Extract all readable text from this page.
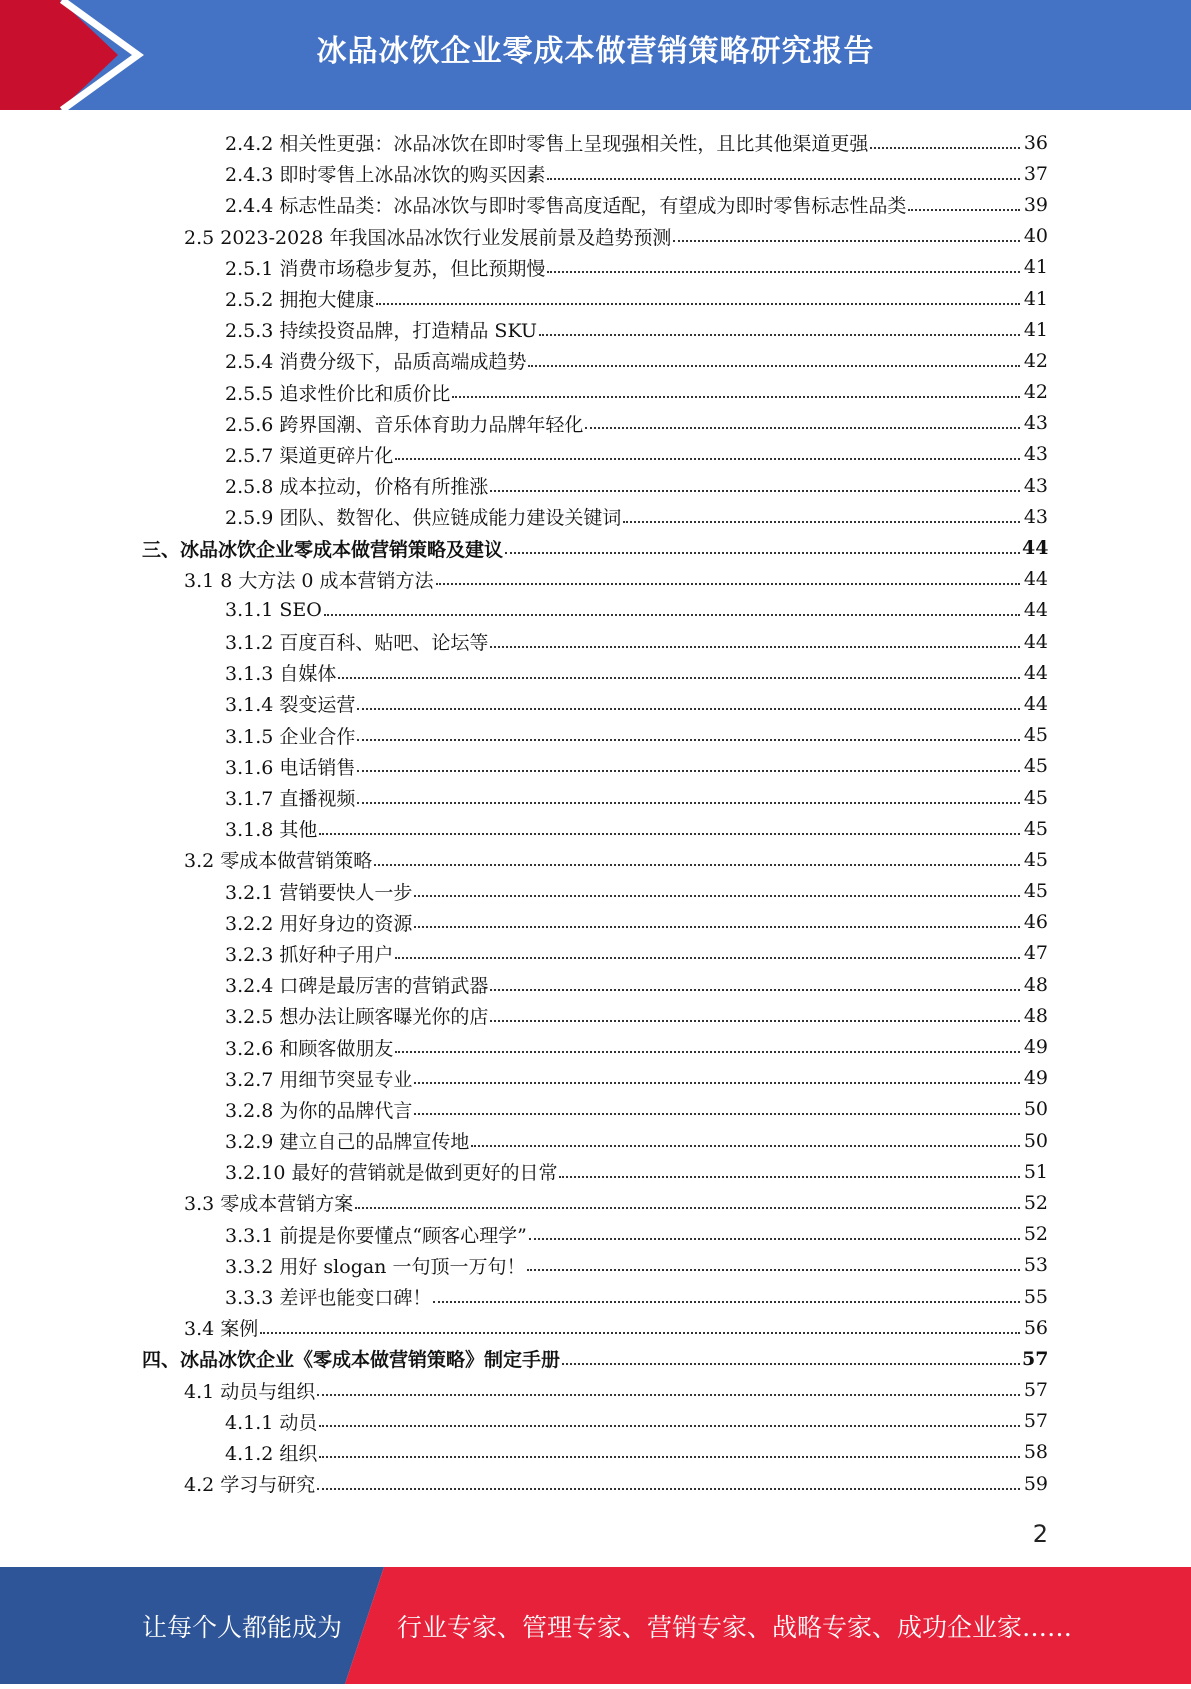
冰品冰饮企业零成本做营销策略研究报告
2.4.2 相关性更强：冰品冰饮在即时零售上呈现强相关性，且比其他渠道更强	36
2.4.3 即时零售上冰品冰饮的购买因素	37
2.4.4 标志性品类：冰品冰饮与即时零售高度适配，有望成为即时零售标志性品类	39
2.5 2023-2028 年我国冰品冰饮行业发展前景及趋势预测	40
2.5.1 消费市场稳步复苏，但比预期慢	41
2.5.2 拥抱大健康	41
2.5.3 持续投资品牌，打造精品 SKU	41
2.5.4 消费分级下，品质高端成趋势	42
2.5.5 追求性价比和质价比	42
2.5.6 跨界国潮、音乐体育助力品牌年轻化	43
2.5.7 渠道更碎片化	43
2.5.8 成本拉动，价格有所推涨	43
2.5.9 团队、数智化、供应链成能力建设关键词	43
三、冰品冰饮企业零成本做营销策略及建议	44
3.1 8 大方法 0 成本营销方法	44
3.1.1 SEO	44
3.1.2 百度百科、贴吧、论坛等	44
3.1.3 自媒体	44
3.1.4 裂变运营	44
3.1.5 企业合作	45
3.1.6 电话销售	45
3.1.7 直播视频	45
3.1.8 其他	45
3.2 零成本做营销策略	45
3.2.1 营销要快人一步	45
3.2.2 用好身边的资源	46
3.2.3 抓好种子用户	47
3.2.4 口碑是最厉害的营销武器	48
3.2.5 想办法让顾客曝光你的店	48
3.2.6 和顾客做朋友	49
3.2.7 用细节突显专业	49
3.2.8 为你的品牌代言	50
3.2.9 建立自己的品牌宣传地	50
3.2.10 最好的营销就是做到更好的日常	51
3.3 零成本营销方案	52
3.3.1 前提是你要懂点“顾客心理学”	52
3.3.2 用好 slogan 一句顶一万句！	53
3.3.3 差评也能变口碑！	55
3.4 案例	56
四、冰品冰饮企业《零成本做营销策略》制定手册	57
4.1 动员与组织	57
4.1.1 动员	57
4.1.2 组织	58
4.2 学习与研究	59
2
让每个人都能成为 行业专家、管理专家、营销专家、战略专家、成功企业家……
